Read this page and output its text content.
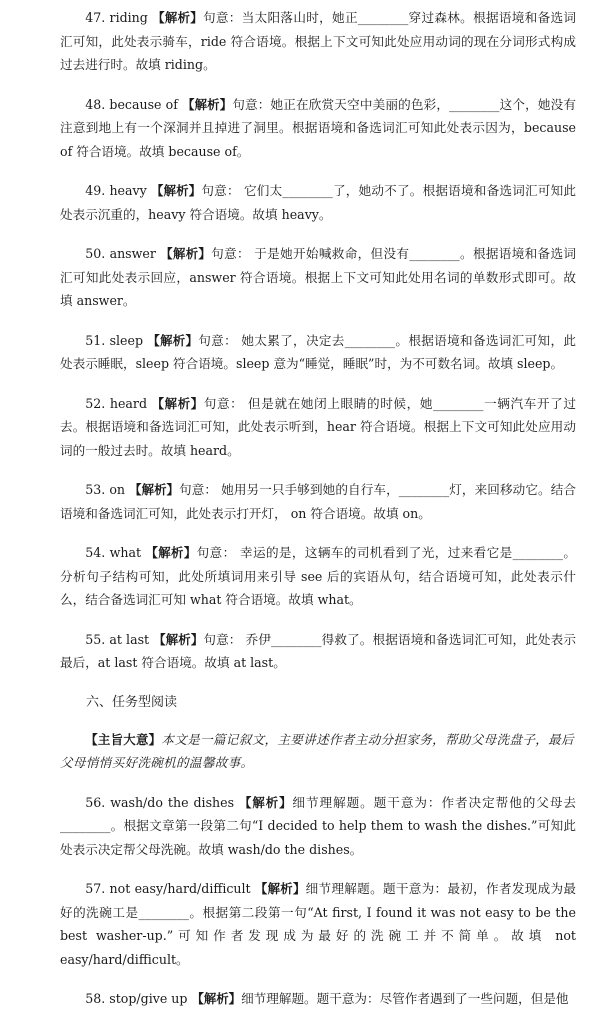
47. riding 【解析】句意：当太阳落山时，她正________穿过森林。根据语境和备选词汇可知，此处表示骑车，ride 符合语境。根据上下文可知此处应用动词的现在分词形式构成过去进行时。故填 riding。

48. because of 【解析】句意：她正在欣赏天空中美丽的色彩，________这个，她没有注意到地上有一个深洞并且掉进了洞里。根据语境和备选词汇可知此处表示因为，because of 符合语境。故填 because of。

49. heavy 【解析】句意： 它们太________了，她动不了。根据语境和备选词汇可知此处表示沉重的，heavy 符合语境。故填 heavy。

50. answer 【解析】句意： 于是她开始喊救命，但没有________。根据语境和备选词汇可知此处表示回应，answer 符合语境。根据上下文可知此处用名词的单数形式即可。故填 answer。

51. sleep 【解析】句意： 她太累了，决定去________。根据语境和备选词汇可知，此处表示睡眠，sleep 符合语境。sleep 意为“睡觉，睡眠”时，为不可数名词。故填 sleep。

52. heard 【解析】句意： 但是就在她闭上眼睛的时候，她________一辆汽车开了过去。根据语境和备选词汇可知，此处表示听到，hear 符合语境。根据上下文可知此处应用动词的一般过去时。故填 heard。

53. on 【解析】句意： 她用另一只手够到她的自行车，________灯，来回移动它。结合语境和备选词汇可知，此处表示打开灯， on 符合语境。故填 on。

54. what 【解析】句意： 幸运的是，这辆车的司机看到了光，过来看它是________。分析句子结构可知，此处所填词用来引导 see 后的宾语从句，结合语境可知，此处表示什么，结合备选词汇可知 what 符合语境。故填 what。

55. at last 【解析】句意： 乔伊________得救了。根据语境和备选词汇可知，此处表示最后，at last 符合语境。故填 at last。

六、任务型阅读

【主旨大意】本文是一篇记叙文，主要讲述作者主动分担家务，帮助父母洗盘子，最后父母悄悄买好洗碗机的温馨故事。

56. wash/do the dishes 【解析】细节理解题。题干意为：作者决定帮他的父母去________。根据文章第一段第二句“I decided to help them to wash the dishes.”可知此处表示决定帮父母洗碗。故填 wash/do the dishes。

57. not easy/hard/difficult 【解析】细节理解题。题干意为：最初，作者发现成为最好的洗碗工是________。根据第二段第一句“At first, I found it was not easy to be the best washer-up.”可知作者发现成为最好的洗碗工并不简单。故填 not easy/hard/difficult。

58. stop/give up 【解析】细节理解题。题干意为：尽管作者遇到了一些问题，但是他
